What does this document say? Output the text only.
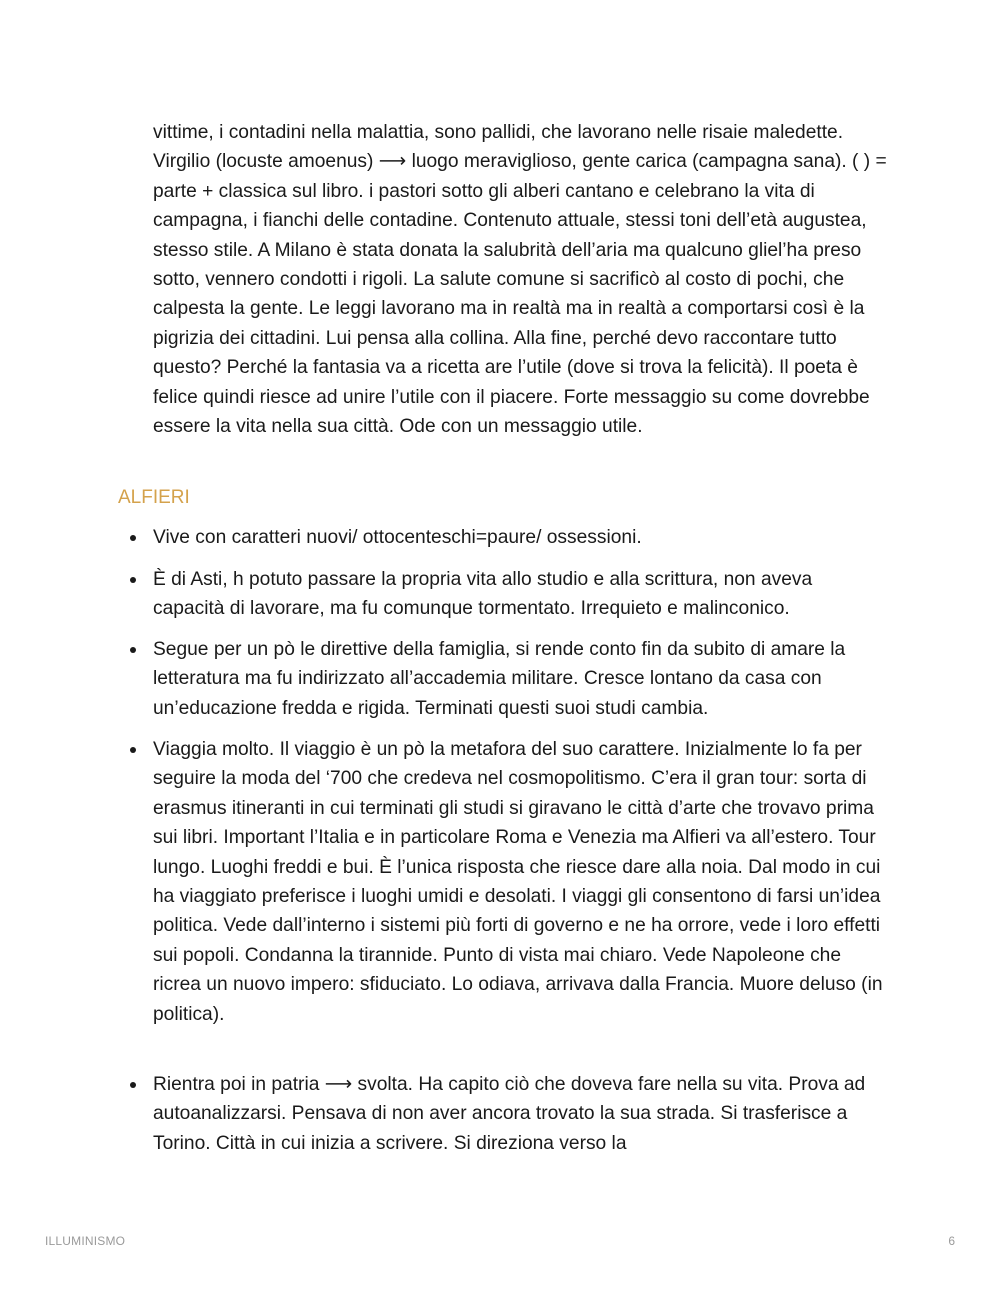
vittime, i contadini nella malattia, sono pallidi, che lavorano nelle risaie maledette. Virgilio (locuste amoenus) ⟶ luogo meraviglioso, gente carica (campagna sana). ( ) = parte + classica sul libro. i pastori sotto gli alberi cantano e celebrano la vita di campagna, i fianchi delle contadine. Contenuto attuale, stessi toni dell’età augustea, stesso stile. A Milano è stata donata la salubrità dell’aria ma qualcuno gliel’ha preso sotto, vennero condotti i rigoli. La salute comune si sacrificò al costo di pochi, che calpesta la gente. Le leggi lavorano ma in realtà ma in realtà a comportarsi così è la pigrizia dei cittadini. Lui pensa alla collina. Alla fine, perché devo raccontare tutto questo? Perché la fantasia va a ricetta are l’utile (dove si trova la felicità). Il poeta è felice quindi riesce ad unire l’utile con il piacere. Forte messaggio su come dovrebbe essere la vita nella sua città. Ode con un messaggio utile.

ALFIERI
Vive con caratteri nuovi/ ottocenteschi=paure/ ossessioni.
È di Asti, h potuto passare la propria vita allo studio e alla scrittura, non aveva capacità di lavorare, ma fu comunque tormentato. Irrequieto e malinconico.
Segue per un pò le direttive della famiglia, si rende conto fin da subito di amare la letteratura ma fu indirizzato all’accademia militare. Cresce lontano da casa con un’educazione fredda e rigida. Terminati questi suoi studi cambia.
Viaggia molto. Il viaggio è un pò la metafora del suo carattere. Inizialmente lo fa per seguire la moda del ‘700 che credeva nel cosmopolitismo. C’era il gran tour: sorta di erasmus itineranti in cui terminati gli studi si giravano le città d’arte che trovavo prima sui libri. Important l’Italia e in particolare Roma e Venezia ma Alfieri va all’estero. Tour lungo. Luoghi freddi e bui. È l’unica risposta che riesce dare alla noia. Dal modo in cui ha viaggiato preferisce i luoghi umidi e desolati. I viaggi gli consentono di farsi un’idea politica. Vede dall’interno i sistemi più forti di governo e ne ha orrore, vede i loro effetti sui popoli. Condanna la tirannide. Punto di vista mai chiaro. Vede Napoleone che ricrea un nuovo impero: sfiduciato. Lo odiava, arrivava dalla Francia. Muore deluso (in politica).
Rientra poi in patria ⟶ svolta. Ha capito ciò che doveva fare nella su vita. Prova ad autoanalizzarsi. Pensava di non aver ancora trovato la sua strada. Si trasferisce a Torino. Città in cui inizia a scrivere. Si direziona verso la
ILLUMINISMO	6
